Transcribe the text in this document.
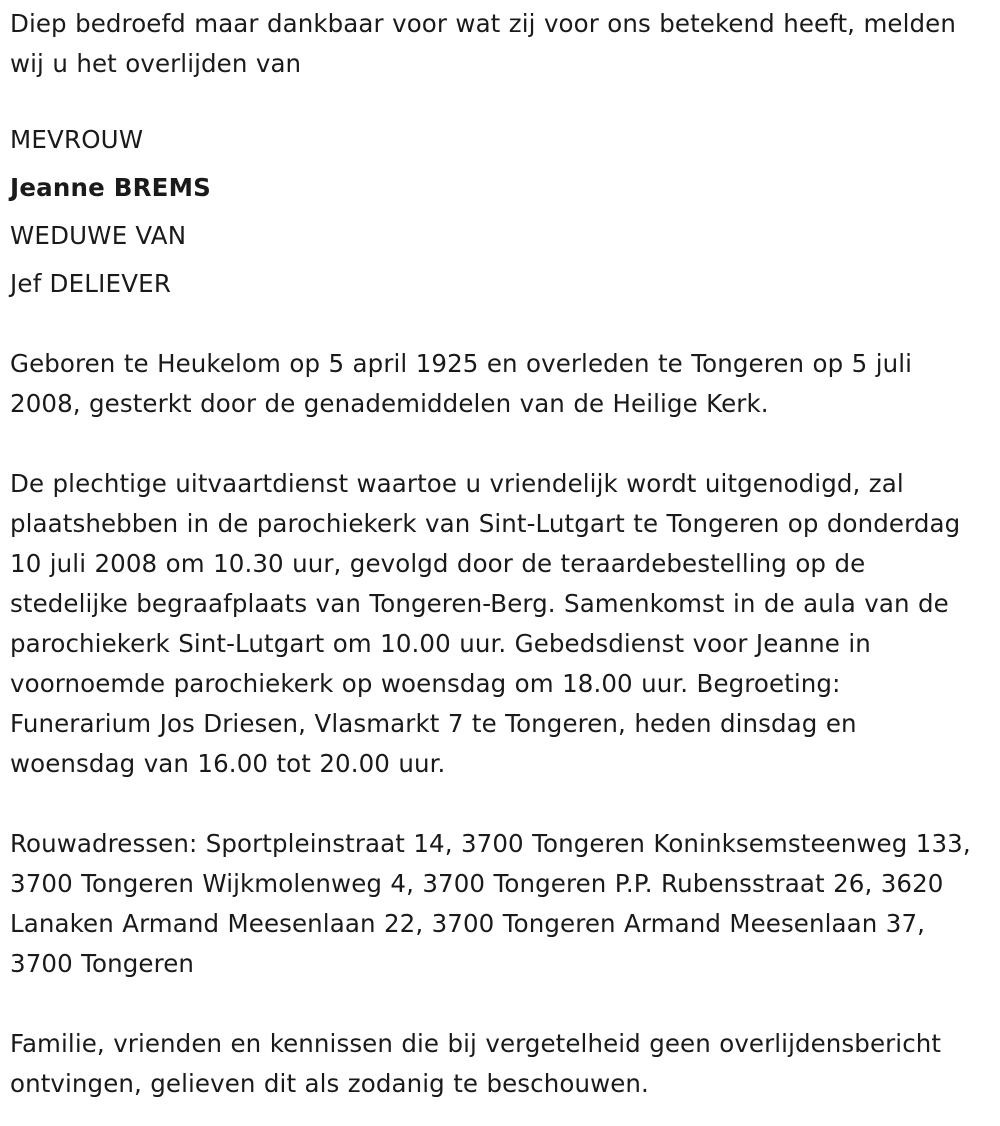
Diep bedroefd maar dankbaar voor wat zij voor ons betekend heeft, melden wij u het overlijden van

MEVROUW
Jeanne BREMS
WEDUWE VAN
Jef DELIEVER

Geboren te Heukelom op 5 april 1925 en overleden te Tongeren op 5 juli 2008, gesterkt door de genademiddelen van de Heilige Kerk.

De plechtige uitvaartdienst waartoe u vriendelijk wordt uitgenodigd, zal plaatshebben in de parochiekerk van Sint-Lutgart te Tongeren op donderdag 10 juli 2008 om 10.30 uur, gevolgd door de teraardebestelling op de stedelijke begraafplaats van Tongeren-Berg. Samenkomst in de aula van de parochiekerk Sint-Lutgart om 10.00 uur. Gebedsdienst voor Jeanne in voornoemde parochiekerk op woensdag om 18.00 uur. Begroeting: Funerarium Jos Driesen, Vlasmarkt 7 te Tongeren, heden dinsdag en woensdag van 16.00 tot 20.00 uur.

Rouwadressen: Sportpleinstraat 14, 3700 Tongeren Koninksemsteenweg 133, 3700 Tongeren Wijkmolenweg 4, 3700 Tongeren P.P. Rubensstraat 26, 3620 Lanaken Armand Meesenlaan 22, 3700 Tongeren Armand Meesenlaan 37, 3700 Tongeren

Familie, vrienden en kennissen die bij vergetelheid geen overlijdensbericht ontvingen, gelieven dit als zodanig te beschouwen.
